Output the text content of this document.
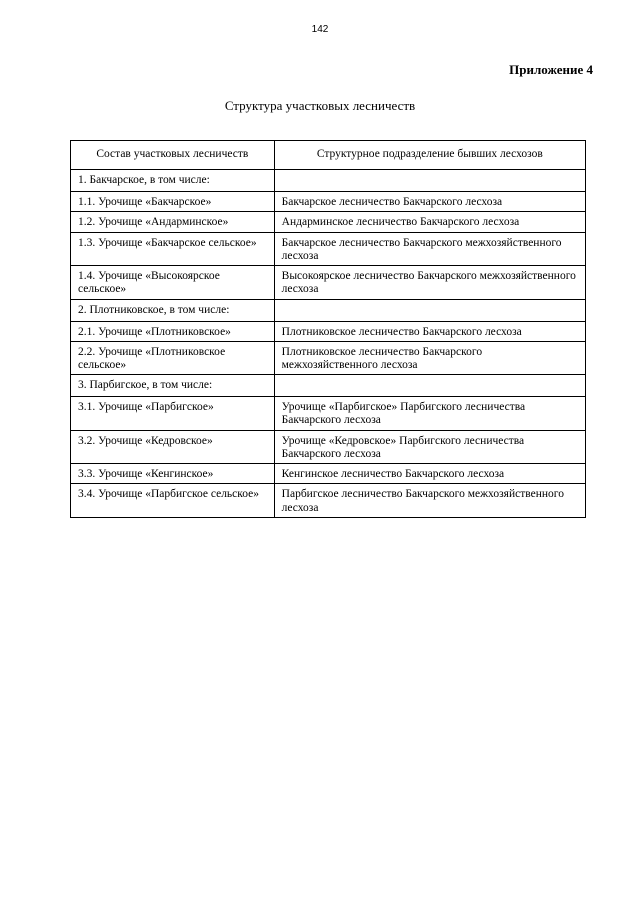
142
Приложение 4
Структура участковых лесничеств
Состав участковых лесничеств	Структурное подразделение бывших лесхозов
1. Бакчарское, в том числе:	
1.1. Урочище «Бакчарское»	Бакчарское лесничество Бакчарского лесхоза
1.2. Урочище «Андарминское»	Андарминское лесничество Бакчарского лесхоза
1.3. Урочище «Бакчарское сельское»	Бакчарское лесничество Бакчарского межхозяйственного лесхоза
1.4. Урочище «Высокоярское сельское»	Высокоярское лесничество Бакчарского межхозяйственного лесхоза
2. Плотниковское, в том числе:	
2.1. Урочище «Плотниковское»	Плотниковское лесничество Бакчарского лесхоза
2.2. Урочище «Плотниковское сельское»	Плотниковское лесничество Бакчарского межхозяйственного лесхоза
3. Парбигское, в том числе:	
3.1. Урочище «Парбигское»	Урочище «Парбигское» Парбигского лесничества Бакчарского лесхоза
3.2. Урочище «Кедровское»	Урочище «Кедровское» Парбигского лесничества Бакчарского лесхоза
3.3. Урочище «Кенгинское»	Кенгинское лесничество Бакчарского лесхоза
3.4. Урочище «Парбигское сельское»	Парбигское лесничество Бакчарского межхозяйственного лесхоза
